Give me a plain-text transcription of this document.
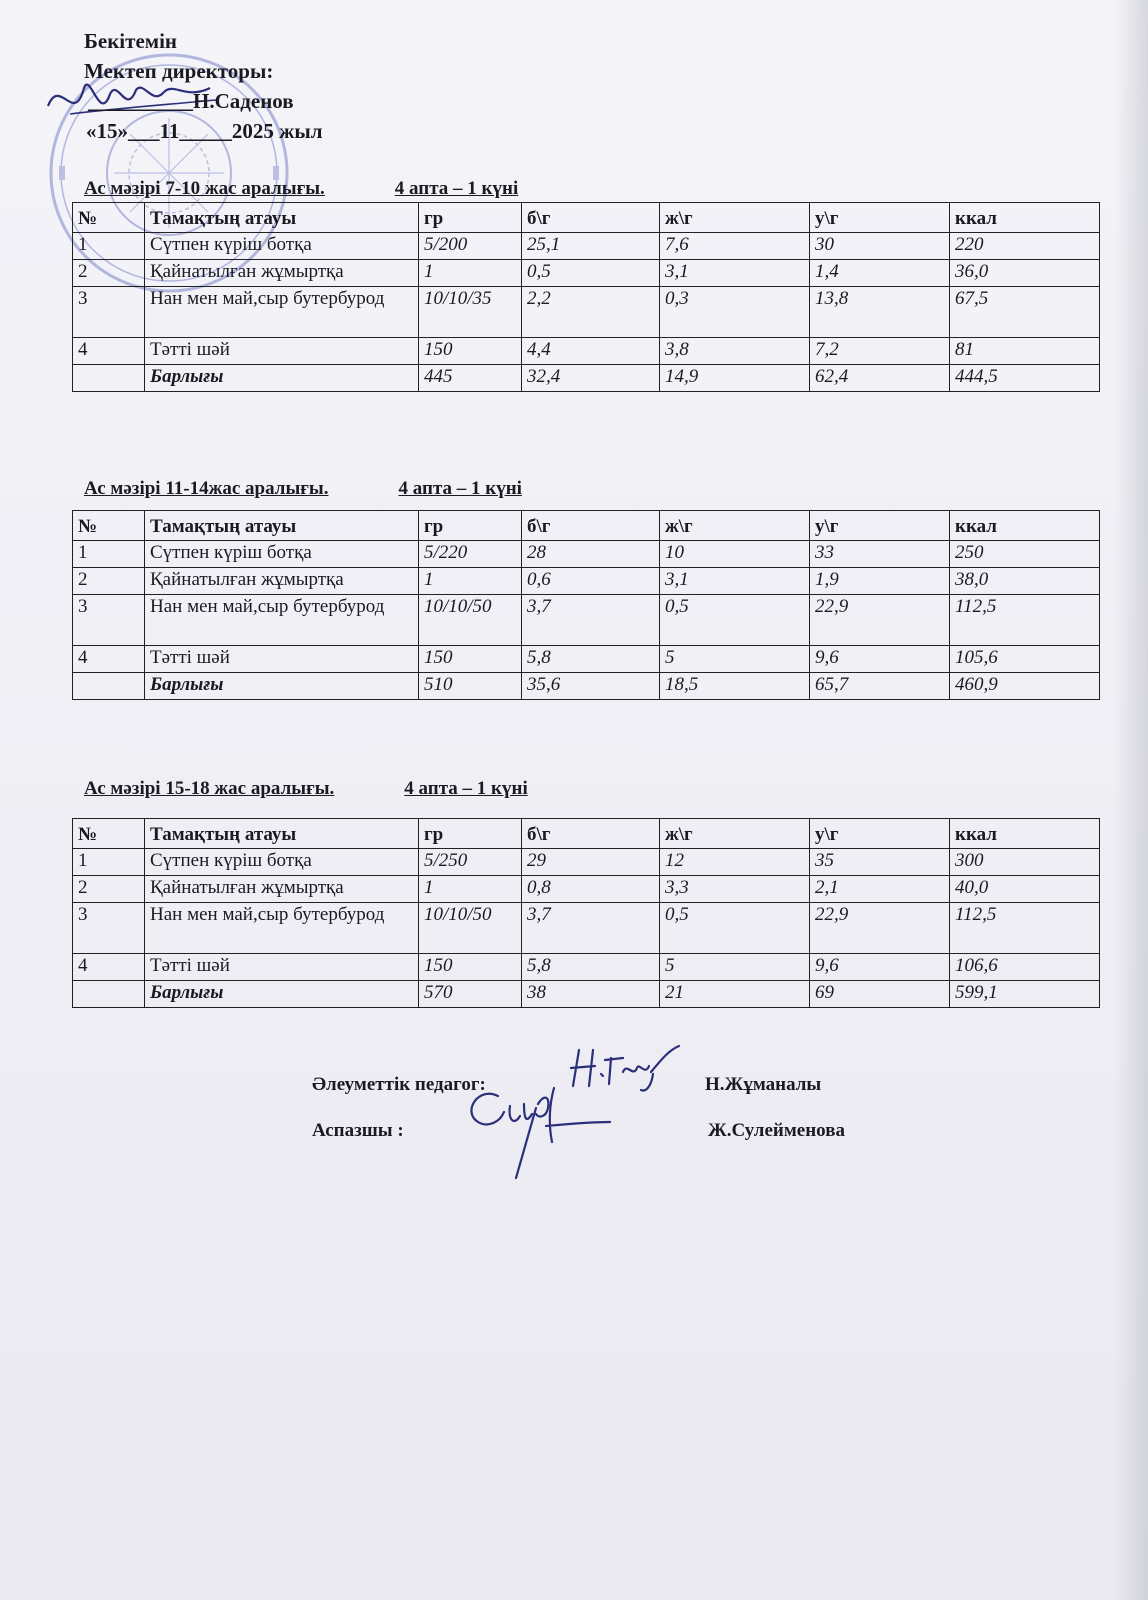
Бекітемін
Мектеп директоры:
__________Н.Саденов
«15»___11_____2025 жыл
Ас мәзірі 7-10 жас аралығы.	4 апта – 1 күні
№	Тамақтың атауы	гр	б\г	ж\г	у\г	ккал
1	Сүтпен күріш ботқа	5/200	25,1	7,6	30	220
2	Қайнатылған жұмыртқа	1	0,5	3,1	1,4	36,0
3	Нан мен май,сыр бутербурод	10/10/35	2,2	0,3	13,8	67,5
4	Тәтті шәй	150	4,4	3,8	7,2	81
	Барлығы	445	32,4	14,9	62,4	444,5
Ас мәзірі 11-14жас аралығы.	4 апта – 1 күні
№	Тамақтың атауы	гр	б\г	ж\г	у\г	ккал
1	Сүтпен күріш ботқа	5/220	28	10	33	250
2	Қайнатылған жұмыртқа	1	0,6	3,1	1,9	38,0
3	Нан мен май,сыр бутербурод	10/10/50	3,7	0,5	22,9	112,5
4	Тәтті шәй	150	5,8	5	9,6	105,6
	Барлығы	510	35,6	18,5	65,7	460,9
Ас мәзірі 15-18 жас аралығы.	4 апта – 1 күні
№	Тамақтың атауы	гр	б\г	ж\г	у\г	ккал
1	Сүтпен күріш ботқа	5/250	29	12	35	300
2	Қайнатылған жұмыртқа	1	0,8	3,3	2,1	40,0
3	Нан мен май,сыр бутербурод	10/10/50	3,7	0,5	22,9	112,5
4	Тәтті шәй	150	5,8	5	9,6	106,6
	Барлығы	570	38	21	69	599,1
Әлеуметтік педагог:	Н.Жұманалы
Аспазшы :	Ж.Сулейменова
